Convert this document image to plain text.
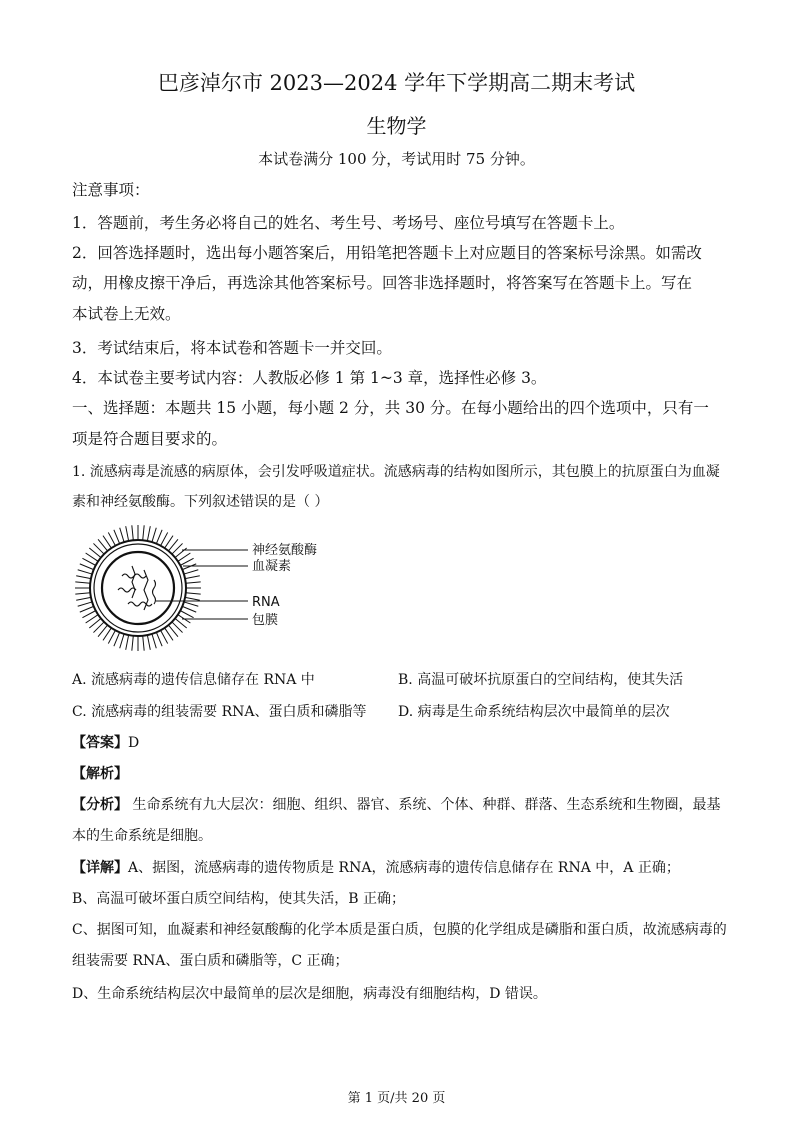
巴彦淖尔市 2023—2024 学年下学期高二期末考试
生物学
本试卷满分 100 分，考试用时 75 分钟。
注意事项：
1．答题前，考生务必将自己的姓名、考生号、考场号、座位号填写在答题卡上。
2．回答选择题时，选出每小题答案后，用铅笔把答题卡上对应题目的答案标号涂黑。如需改
动，用橡皮擦干净后，再选涂其他答案标号。回答非选择题时，将答案写在答题卡上。写在
本试卷上无效。
3．考试结束后，将本试卷和答题卡一并交回。
4．本试卷主要考试内容：人教版必修 1 第 1~3 章，选择性必修 3。
一、选择题：本题共 15 小题，每小题 2 分，共 30 分。在每小题给出的四个选项中，只有一
项是符合题目要求的。
1. 流感病毒是流感的病原体，会引发呼吸道症状。流感病毒的结构如图所示，其包膜上的抗原蛋白为血凝
素和神经氨酸酶。下列叙述错误的是（ ）
神经氨酸酶
血凝素
RNA
包膜
A. 流感病毒的遗传信息储存在 RNA 中	B. 高温可破坏抗原蛋白的空间结构，使其失活
C. 流感病毒的组装需要 RNA、蛋白质和磷脂等 D. 病毒是生命系统结构层次中最简单的层次
【答案】D
【解析】
【分析】 生命系统有九大层次：细胞、组织、器官、系统、个体、种群、群落、生态系统和生物圈，最基
本的生命系统是细胞。
【详解】A、据图，流感病毒的遗传物质是 RNA，流感病毒的遗传信息储存在 RNA 中，A 正确；
B、高温可破坏蛋白质空间结构，使其失活，B 正确；
C、据图可知，血凝素和神经氨酸酶的化学本质是蛋白质，包膜的化学组成是磷脂和蛋白质，故流感病毒的
组装需要 RNA、蛋白质和磷脂等，C 正确；
D、生命系统结构层次中最简单的层次是细胞，病毒没有细胞结构，D 错误。
第 1 页/共 20 页
